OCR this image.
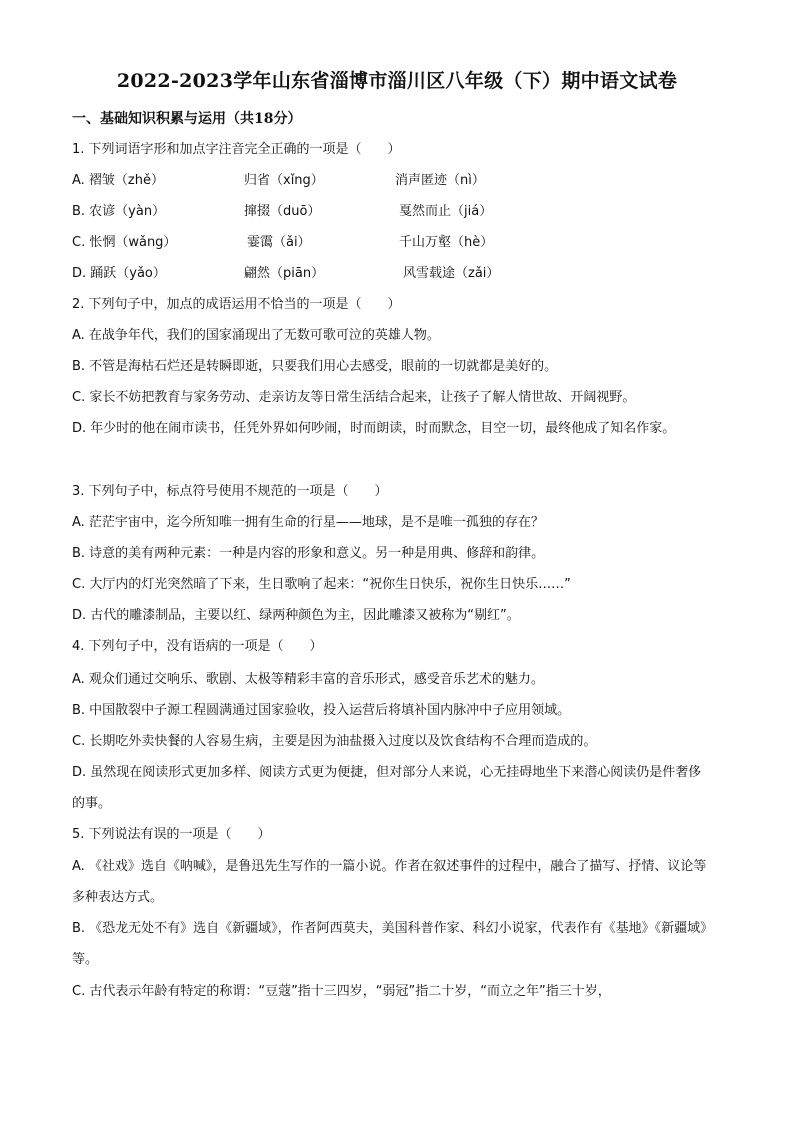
2022-2023学年山东省淄博市淄川区八年级（下）期中语文试卷
一、基础知识积累与运用（共18分）
1. 下列词语字形和加点字注音完全正确的一项是（　　）
A. 褶皱（zhě）	归省（xǐng）	消声匿迹（nì）
B. 农谚（yàn）	撺掇（duō）	戛然而止（jiá）
C. 怅惘（wǎng）	霎霭（ǎi）	千山万壑（hè）
D. 踊跃（yǎo）	翩然（piān）	风雪载途（zǎi）
2. 下列句子中，加点的成语运用不恰当的一项是（　　）
A. 在战争年代，我们的国家涌现出了无数可歌可泣的英雄人物。
B. 不管是海枯石烂还是转瞬即逝，只要我们用心去感受，眼前的一切就都是美好的。
C. 家长不妨把教育与家务劳动、走亲访友等日常生活结合起来，让孩子了解人情世故、开阔视野。
D. 年少时的他在闹市读书，任凭外界如何吵闹，时而朗读，时而默念，目空一切，最终他成了知名作家。
3. 下列句子中，标点符号使用不规范的一项是（　　）
A. 茫茫宇宙中，迄今所知唯一拥有生命的行星——地球，是不是唯一孤独的存在？
B. 诗意的美有两种元素：一种是内容的形象和意义。另一种是用典、修辞和韵律。
C. 大厅内的灯光突然暗了下来，生日歌响了起来：“祝你生日快乐，祝你生日快乐……”
D. 古代的雕漆制品，主要以红、绿两种颜色为主，因此雕漆又被称为“剔红”。
4. 下列句子中，没有语病的一项是（　　）
A. 观众们通过交响乐、歌剧、太极等精彩丰富的音乐形式，感受音乐艺术的魅力。
B. 中国散裂中子源工程圆满通过国家验收，投入运营后将填补国内脉冲中子应用领域。
C. 长期吃外卖快餐的人容易生病，主要是因为油盐摄入过度以及饮食结构不合理而造成的。
D. 虽然现在阅读形式更加多样、阅读方式更为便捷，但对部分人来说，心无挂碍地坐下来潜心阅读仍是件奢侈的事。
5. 下列说法有误的一项是（　　）
A. 《社戏》选自《呐喊》，是鲁迅先生写作的一篇小说。作者在叙述事件的过程中，融合了描写、抒情、议论等多种表达方式。
B. 《恐龙无处不有》选自《新疆域》，作者阿西莫夫，美国科普作家、科幻小说家，代表作有《基地》《新疆域》等。
C. 古代表示年龄有特定的称谓：“豆蔻”指十三四岁，“弱冠”指二十岁，“而立之年”指三十岁，
